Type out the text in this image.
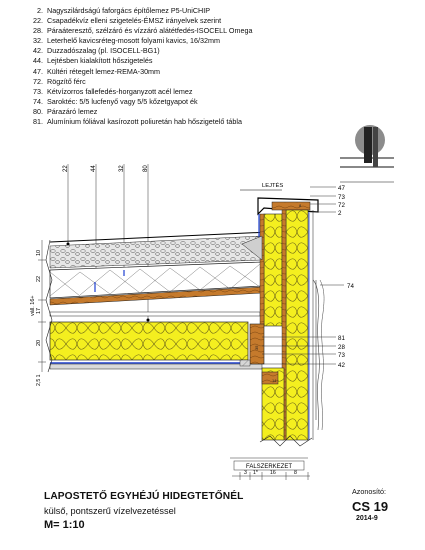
2. Nagyszilárdságú faforgács építőlemez P5-UniCHIP
22. Csapadékvíz elleni szigetelés-ÉMSZ irányelvek szerint
28. Páraáteresztő, szélzáró és vízzáró alátétfedés-ISOCELL Omega
32. Leterhelő kavicsréteg-mosott folyami kavics, 16/32mm
42. Duzzadószalag (pl. ISOCELL-BG1)
44. Lejtésben kialakított hőszigetelés
47. Kültéri rétegelt lemez-REMA-30mm
72. Rögzítő férc
73. Kétvízorros fallefedés-horganyzott acél lemez
74. Saroktéc: 5/5 lucfenyő vagy 5/5 kőzetgyapot ék
80. Párazáró lemez
81. Alumínium fóliával kasírozott poliuretán hab hőszigetelő tábla
22	44	32	80
LEJTÉS	47
73
72
2
74
81
28
73
42
10
22
17
váll. 16+
20
2,5 1
FALSZERKEZET
3 1* 16	8
35
14
8
LAPOSTETŐ EGYHÉJÚ HIDEGTETŐNÉL
külső, pontszerű vízelvezetéssel
M= 1:10
Azonosító:
CS 19
2014-9
